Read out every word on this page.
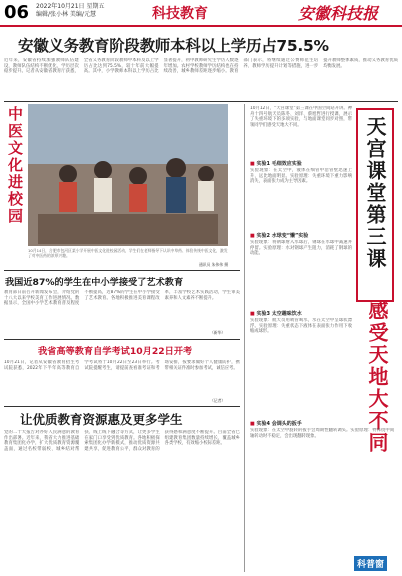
06 2022年10月21日 星期五
编辑/张小林 美编/元慧	科技教育	安徽科技报
安徽义务教育阶段教师本科以上学历占75.5%
近年来，安徽省持续加强教师队伍建设，教师队伍结构不断优化，学历层次稳步提升。记者从安徽省教育厅获悉，全省义务教育阶段教师中本科及以上学历占比达到75.5%，较十年前大幅提高。其中，小学教师本科以上学历占比显著提升，初中教师研究生学历人数逐年增加。农村学校教师学历结构也在持续改善，城乡教师差距逐步缩小。教育部门表示，将继续通过公费师范生培养、教师学历提升计划等措施，进一步提升教师整体素质，推动义务教育优质均衡发展。
中医文化进校园
10月14日，合肥市包河区某小学开展中医文化进校园活动，学生们在老师指导下认识中草药、体验传统中医文化，激发了对中医药的浓厚兴趣。
通讯员 朱伟伟 摄
我国近87%的学生在中小学接受了艺术教育
教育部日前召开新闻发布会，介绍党的十八大以来学校美育工作进展情况。数据显示，全国中小学艺术教育普及程度不断提高，近87%的学生在中小学接受了艺术教育。各地积极推进美育课程改革，丰富学校艺术实践活动，学生审美素养和人文素养不断提升。
（新华）
我省高等教育自学考试10月22日开考
10月21日，记者从安徽省教育招生考试院获悉，2022年下半年高等教育自学考试将于10月22日至23日举行。考试院提醒考生，请提前查看准考证和考场安排，按要求做好个人健康防护，携带相关证件准时参加考试，诚信应考。
（记者）
让优质教育资源惠及更多学生
党的二十大报告对办好人民满意的教育作出部署。近年来，我省大力推进基础教育集团化办学，扩大优质教育资源覆盖面，通过名校带弱校、城乡结对帮扶、线上线下融合等方式，让更多学生在家门口享受到优质教育。各地积极探索集团化办学新模式，推动优质资源共建共享，促进教育公平，群众对教育的获得感和满意度不断提升。目前全省已组建教育集团数量持续增长，覆盖城乡各类学校，有效缩小校际差距。
10月12日，“天宫课堂”第三课在中国空间站开讲。神舟十四号航天员陈冬、刘洋、蔡旭哲进行授课，展示了失重环境下的多项实验，与地面课堂同步对照，带领同学们感受天地大不同。	天宫课堂第三课
感受天地大不同
■ 实验1 毛细效应实验
实验现象：在太空中，液体在细管中沿管壁迅速上升，远比地面明显。实验原理：失重环境下重力影响消失，表面张力成为主导因素。
■ 实验2 水球变“懒”实验
实验现象：将钢球射入水球后，钢球在水球中减速并停留。实验原理：水对钢球产生阻力，消耗了钢球的动能。
■ 实验3 太空趣味饮水
实验现象：航天员用吸管喝水，水在太空中呈球状漂浮。实验原理：失重状态下液体在表面张力作用下收缩成球形。
■ 实验4 会调头的扳手
实验现象：在太空中旋转的扳手会周期性翻转调头。实验原理：物体绕中间轴转动时不稳定，会出现翻转现象。
科普窗
